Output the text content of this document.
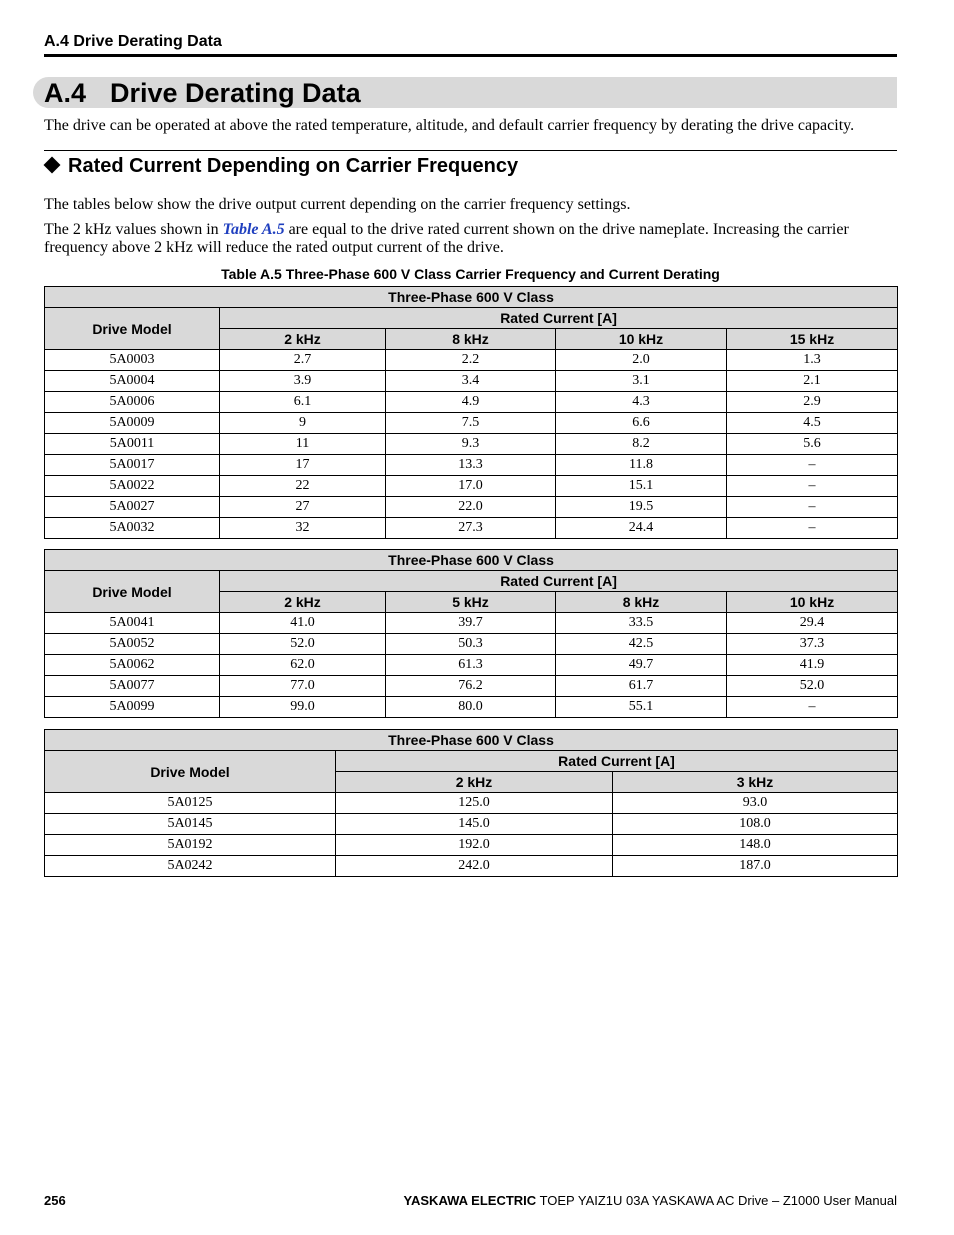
A.4 Drive Derating Data
A.4 Drive Derating Data
The drive can be operated at above the rated temperature, altitude, and default carrier frequency by derating the drive capacity.
Rated Current Depending on Carrier Frequency
The tables below show the drive output current depending on the carrier frequency settings.
The 2 kHz values shown in Table A.5 are equal to the drive rated current shown on the drive nameplate. Increasing the carrier frequency above 2 kHz will reduce the rated output current of the drive.
Table A.5 Three-Phase 600 V Class Carrier Frequency and Current Derating
Three-Phase 600 V Class				
Drive Model	Rated Current [A]			
	2 kHz	8 kHz	10 kHz	15 kHz
5A0003	2.7	2.2	2.0	1.3
5A0004	3.9	3.4	3.1	2.1
5A0006	6.1	4.9	4.3	2.9
5A0009	9	7.5	6.6	4.5
5A0011	11	9.3	8.2	5.6
5A0017	17	13.3	11.8	–
5A0022	22	17.0	15.1	–
5A0027	27	22.0	19.5	–
5A0032	32	27.3	24.4	–
Three-Phase 600 V Class				
Drive Model	Rated Current [A]			
	2 kHz	5 kHz	8 kHz	10 kHz
5A0041	41.0	39.7	33.5	29.4
5A0052	52.0	50.3	42.5	37.3
5A0062	62.0	61.3	49.7	41.9
5A0077	77.0	76.2	61.7	52.0
5A0099	99.0	80.0	55.1	–
Three-Phase 600 V Class		
Drive Model	Rated Current [A]	
	2 kHz	3 kHz
5A0125	125.0	93.0
5A0145	145.0	108.0
5A0192	192.0	148.0
5A0242	242.0	187.0
256	YASKAWA ELECTRIC TOEP YAIZ1U 03A YASKAWA AC Drive – Z1000 User Manual
